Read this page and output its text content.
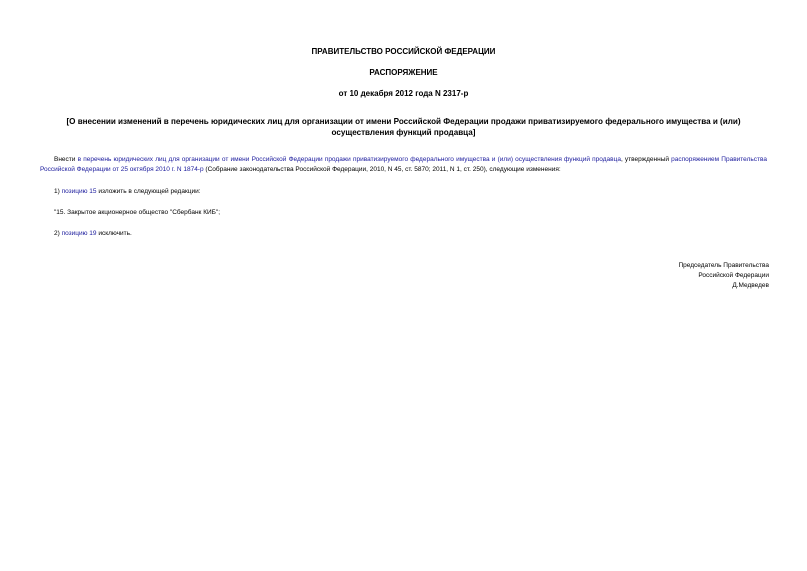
ПРАВИТЕЛЬСТВО РОССИЙСКОЙ ФЕДЕРАЦИИ
РАСПОРЯЖЕНИЕ
от 10 декабря 2012 года N 2317-р
[О внесении изменений в перечень юридических лиц для организации от имени Российской Федерации продажи приватизируемого федерального имущества и (или) осуществления функций продавца]
Внести в перечень юридических лиц для организации от имени Российской Федерации продажи приватизируемого федерального имущества и (или) осуществления функций продавца, утвержденный распоряжением Правительства Российской Федерации от 25 октября 2010 г. N 1874-р (Собрание законодательства Российской Федерации, 2010, N 45, ст. 5870; 2011, N 1, ст. 250), следующие изменения:
1) позицию 15 изложить в следующей редакции:
"15. Закрытое акционерное общество "Сбербанк КИБ";
2) позицию 19 исключить.
Председатель Правительства
Российской Федерации
Д.Медведев
